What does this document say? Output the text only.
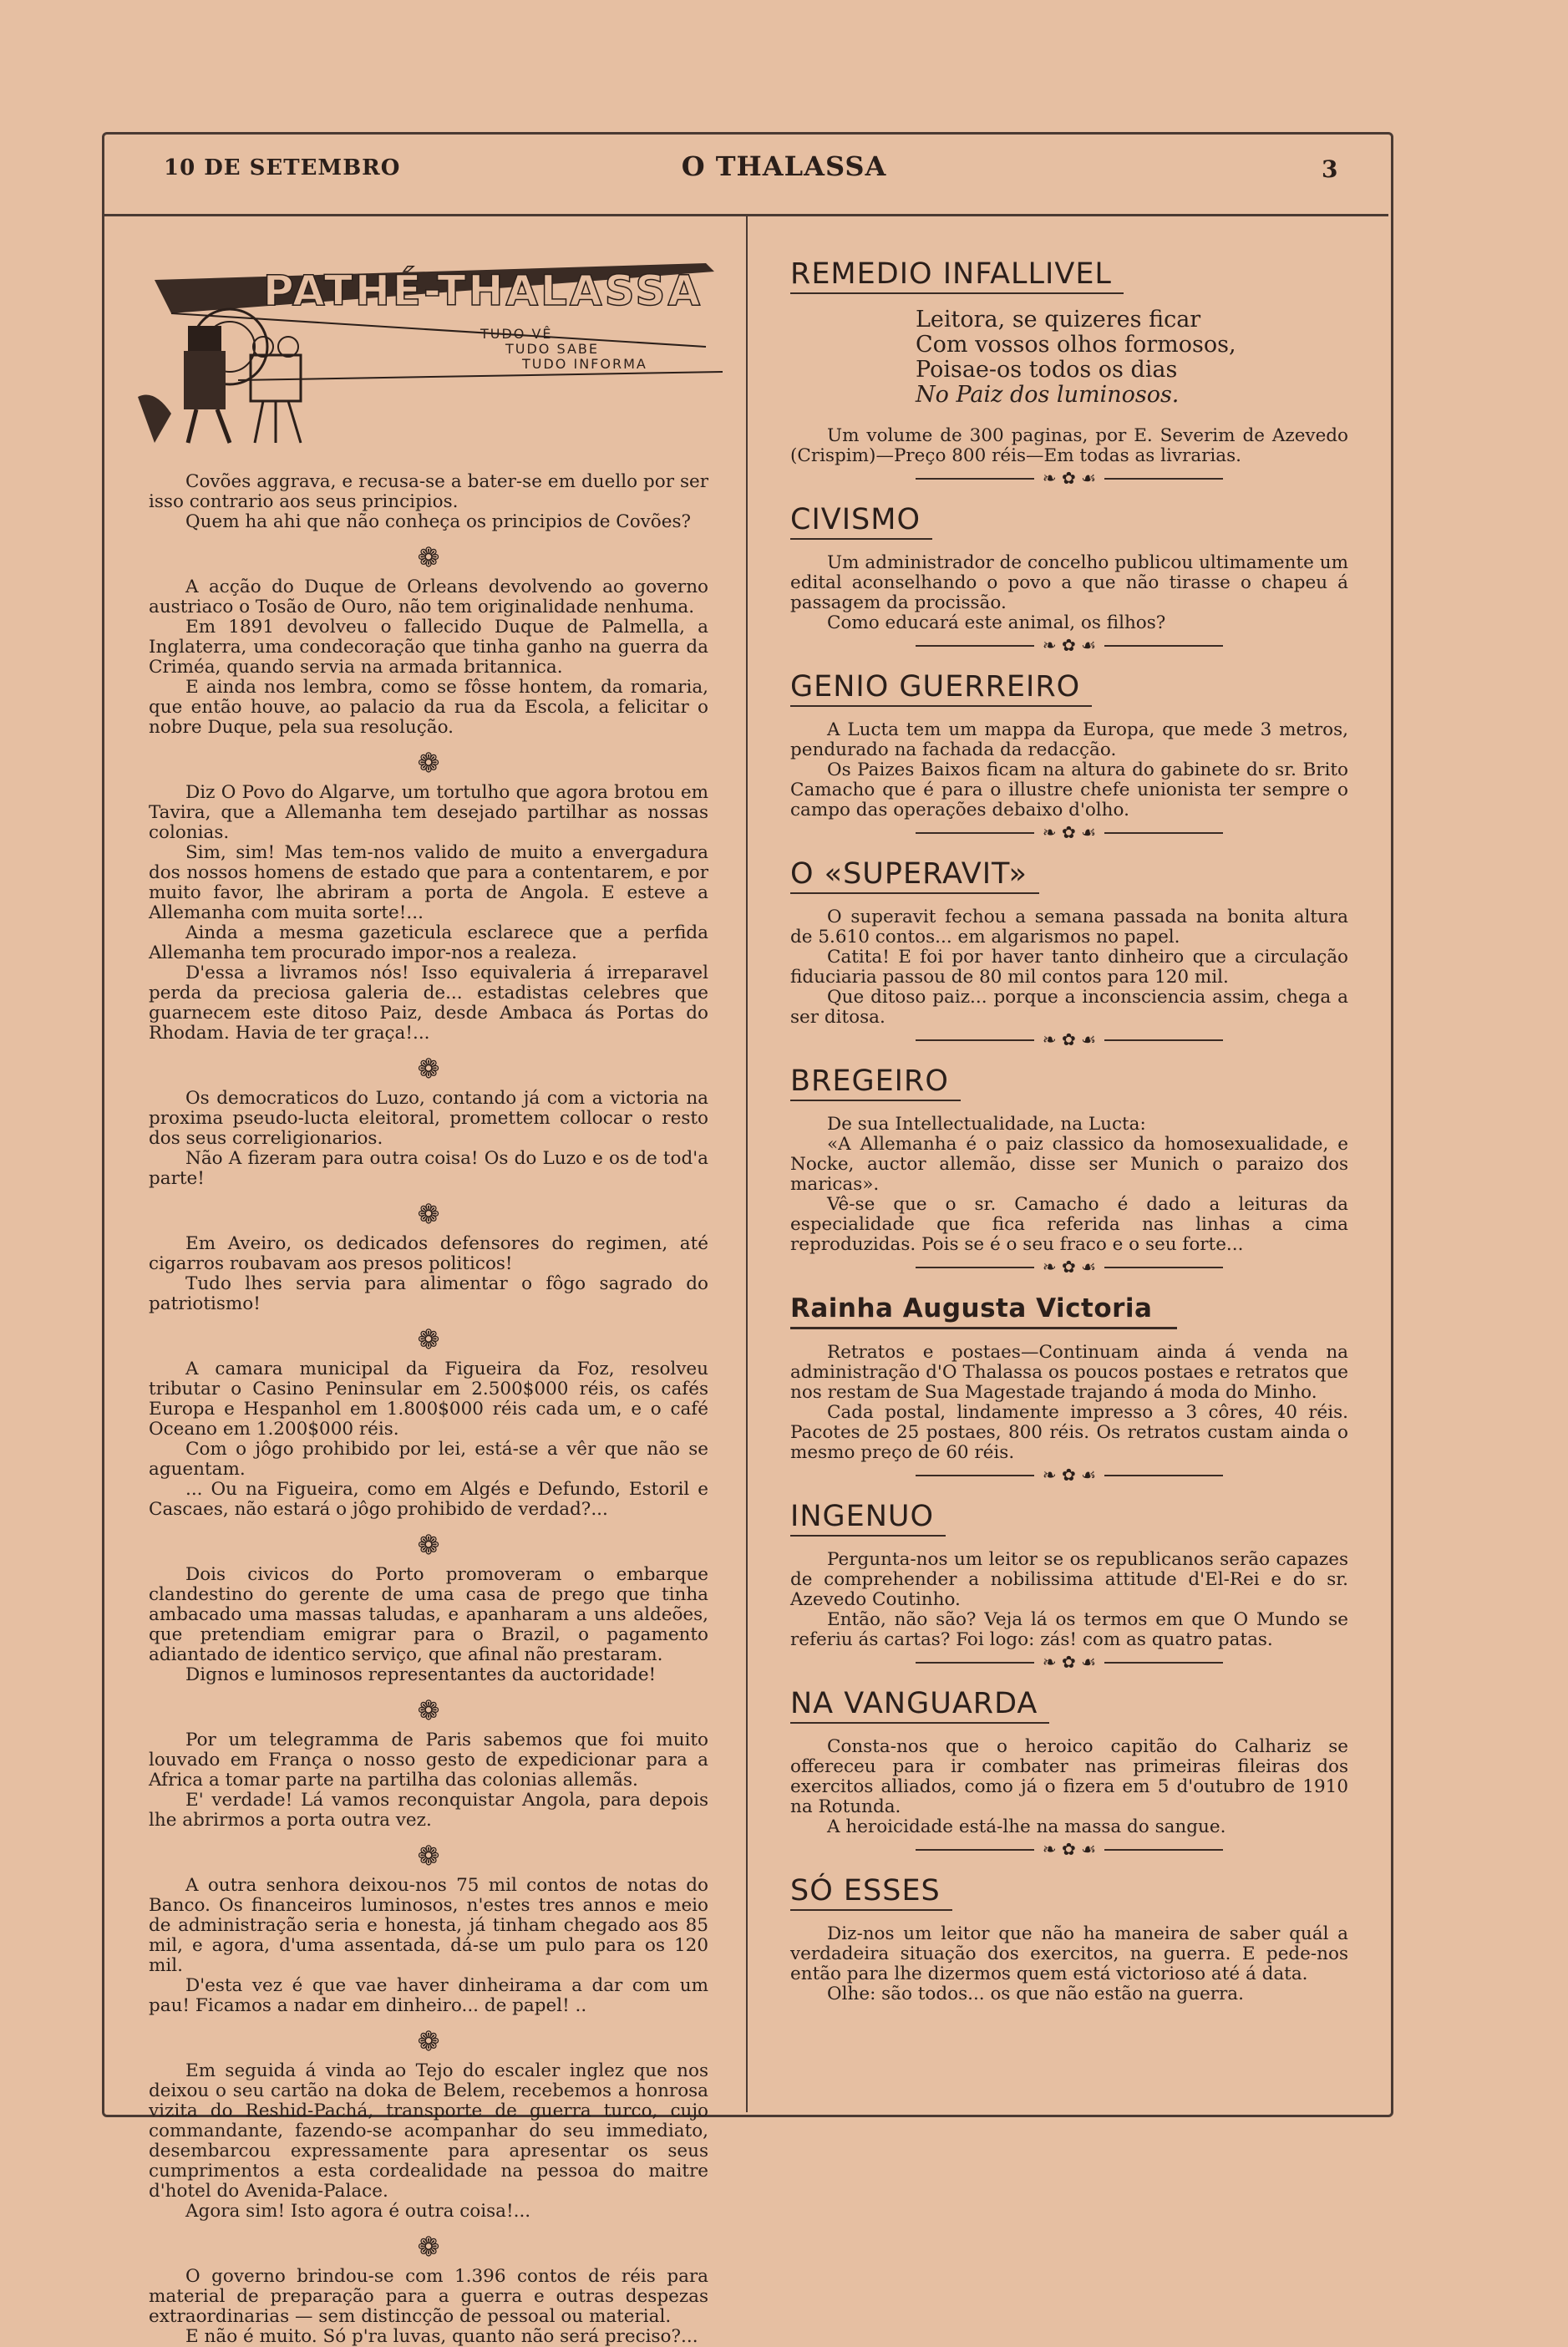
10 DE SETEMBRO	O THALASSA	3
PATHÉ-THALASSA
TUDO VÊ
TUDO SABE
TUDO INFORMA

Covões aggrava, e recusa-se a bater-se em duello por ser isso contrario aos seus principios.

Quem ha ahi que não conheça os principios de Covões?

❁

A acção do Duque de Orleans devolvendo ao governo austriaco o Tosão de Ouro, não tem originalidade nenhuma.

Em 1891 devolveu o fallecido Duque de Palmella, a Inglaterra, uma condecoração que tinha ganho na guerra da Criméa, quando servia na armada britannica.

E ainda nos lembra, como se fôsse hontem, da romaria, que então houve, ao palacio da rua da Escola, a felicitar o nobre Duque, pela sua resolução.

❁

Diz O Povo do Algarve, um tortulho que agora brotou em Tavira, que a Allemanha tem desejado partilhar as nossas colonias.

Sim, sim! Mas tem-nos valido de muito a envergadura dos nossos homens de estado que para a contentarem, e por muito favor, lhe abriram a porta de Angola. E esteve a Allemanha com muita sorte!...

Ainda a mesma gazeticula esclarece que a perfida Allemanha tem procurado impor-nos a realeza.

D'essa a livramos nós! Isso equivaleria á irreparavel perda da preciosa galeria de... estadistas celebres que guarnecem este ditoso Paiz, desde Ambaca ás Portas do Rhodam. Havia de ter graça!...

❁

Os democraticos do Luzo, contando já com a victoria na proxima pseudo-lucta eleitoral, promettem collocar o resto dos seus correligionarios.

Não A fizeram para outra coisa! Os do Luzo e os de tod'a parte!

❁

Em Aveiro, os dedicados defensores do regimen, até cigarros roubavam aos presos politicos!

Tudo lhes servia para alimentar o fôgo sagrado do patriotismo!

❁

A camara municipal da Figueira da Foz, resolveu tributar o Casino Peninsular em 2.500$000 réis, os cafés Europa e Hespanhol em 1.800$000 réis cada um, e o café Oceano em 1.200$000 réis.

Com o jôgo prohibido por lei, está-se a vêr que não se aguentam.

... Ou na Figueira, como em Algés e Defundo, Estoril e Cascaes, não estará o jôgo prohibido de verdad?...

❁

Dois civicos do Porto promoveram o embarque clandestino do gerente de uma casa de prego que tinha ambacado uma massas taludas, e apanharam a uns aldeões, que pretendiam emigrar para o Brazil, o pagamento adiantado de identico serviço, que afinal não prestaram.

Dignos e luminosos representantes da auctoridade!

❁

Por um telegramma de Paris sabemos que foi muito louvado em França o nosso gesto de expedicionar para a Africa a tomar parte na partilha das colonias allemãs.

E' verdade! Lá vamos reconquistar Angola, para depois lhe abrirmos a porta outra vez.

❁

A outra senhora deixou-nos 75 mil contos de notas do Banco. Os financeiros luminosos, n'estes tres annos e meio de administração seria e honesta, já tinham chegado aos 85 mil, e agora, d'uma assentada, dá-se um pulo para os 120 mil.

D'esta vez é que vae haver dinheirama a dar com um pau! Ficamos a nadar em dinheiro... de papel! ..

❁

Em seguida á vinda ao Tejo do escaler inglez que nos deixou o seu cartão na doka de Belem, recebemos a honrosa vizita do Reshid-Pachá, transporte de guerra turco, cujo commandante, fazendo-se acompanhar do seu immediato, desembarcou expressamente para apresentar os seus cumprimentos a esta cordealidade na pessoa do maitre d'hotel do Avenida-Palace.

Agora sim! Isto agora é outra coisa!...

❁

O governo brindou-se com 1.396 contos de réis para material de preparação para a guerra e outras despezas extraordinarias — sem distincção de pessoal ou material.

E não é muito. Só p'ra luvas, quanto não será preciso?...

REMEDIO INFALLIVEL
Leitora, se quizeres ficar
Com vossos olhos formosos,
Poisae-os todos os dias
No Paiz dos luminosos.

Um volume de 300 paginas, por E. Severim de Azevedo (Crispim)—Preço 800 réis—Em todas as livrarias.

❧ ✿ ☙
CIVISMO

Um administrador de concelho publicou ultimamente um edital aconselhando o povo a que não tirasse o chapeu á passagem da procissão.

Como educará este animal, os filhos?

❧ ✿ ☙
GENIO GUERREIRO

A Lucta tem um mappa da Europa, que mede 3 metros, pendurado na fachada da redacção.

Os Paizes Baixos ficam na altura do gabinete do sr. Brito Camacho que é para o illustre chefe unionista ter sempre o campo das operações debaixo d'olho.

❧ ✿ ☙
O «SUPERAVIT»

O superavit fechou a semana passada na bonita altura de 5.610 contos... em algarismos no papel.

Catita! E foi por haver tanto dinheiro que a circulação fiduciaria passou de 80 mil contos para 120 mil.

Que ditoso paiz... porque a inconsciencia assim, chega a ser ditosa.

❧ ✿ ☙
BREGEIRO

De sua Intellectualidade, na Lucta:

«A Allemanha é o paiz classico da homosexualidade, e Nocke, auctor allemão, disse ser Munich o paraizo dos maricas».

Vê-se que o sr. Camacho é dado a leituras da especialidade que fica referida nas linhas a cima reproduzidas. Pois se é o seu fraco e o seu forte...

❧ ✿ ☙
Rainha Augusta Victoria

Retratos e postaes—Continuam ainda á venda na administração d'O Thalassa os poucos postaes e retratos que nos restam de Sua Magestade trajando á moda do Minho.

Cada postal, lindamente impresso a 3 côres, 40 réis. Pacotes de 25 postaes, 800 réis. Os retratos custam ainda o mesmo preço de 60 réis.

❧ ✿ ☙
INGENUO

Pergunta-nos um leitor se os republicanos serão capazes de comprehender a nobilissima attitude d'El-Rei e do sr. Azevedo Coutinho.

Então, não são? Veja lá os termos em que O Mundo se referiu ás cartas? Foi logo: zás! com as quatro patas.

❧ ✿ ☙
NA VANGUARDA

Consta-nos que o heroico capitão do Calhariz se offereceu para ir combater nas primeiras fileiras dos exercitos alliados, como já o fizera em 5 d'outubro de 1910 na Rotunda.

A heroicidade está-lhe na massa do sangue.

❧ ✿ ☙
SÓ ESSES

Diz-nos um leitor que não ha maneira de saber quál a verdadeira situação dos exercitos, na guerra. E pede-nos então para lhe dizermos quem está victorioso até á data.

Olhe: são todos... os que não estão na guerra.
